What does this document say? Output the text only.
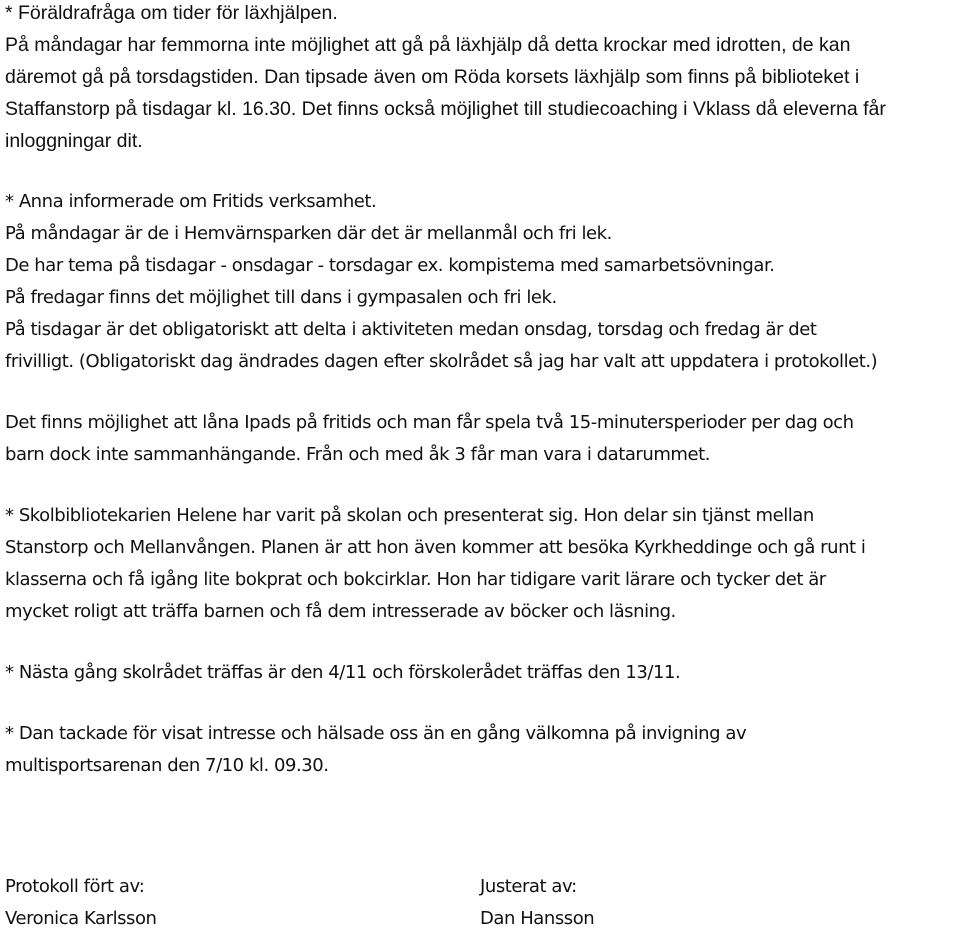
* Föräldrafråga om tider för läxhjälpen.
På måndagar har femmorna inte möjlighet att gå på läxhjälp då detta krockar med idrotten, de kan
däremot gå på torsdagstiden. Dan tipsade även om Röda korsets läxhjälp som finns på biblioteket i
Staffanstorp på tisdagar kl. 16.30. Det finns också möjlighet till studiecoaching i Vklass då eleverna får
inloggningar dit.
* Anna informerade om Fritids verksamhet.
På måndagar är de i Hemvärnsparken där det är mellanmål och fri lek.
De har tema på tisdagar - onsdagar - torsdagar ex. kompistema med samarbetsövningar.
På fredagar finns det möjlighet till dans i gympasalen och fri lek.
På tisdagar är det obligatoriskt att delta i aktiviteten medan onsdag, torsdag och fredag är det
frivilligt. (Obligatoriskt dag ändrades dagen efter skolrådet så jag har valt att uppdatera i protokollet.)
Det finns möjlighet att låna Ipads på fritids och man får spela två 15-minutersperioder per dag och
barn dock inte sammanhängande. Från och med åk 3 får man vara i datarummet.
* Skolbibliotekarien Helene har varit på skolan och presenterat sig. Hon delar sin tjänst mellan
Stanstorp och Mellanvången. Planen är att hon även kommer att besöka Kyrkheddinge och gå runt i
klasserna och få igång lite bokprat och bokcirklar. Hon har tidigare varit lärare och tycker det är
mycket roligt att träffa barnen och få dem intresserade av böcker och läsning.
* Nästa gång skolrådet träffas är den 4/11 och förskolerådet träffas den 13/11.
* Dan tackade för visat intresse och hälsade oss än en gång välkomna på invigning av
multisportsarenan den 7/10 kl. 09.30.
Protokoll fört av:
Veronica Karlsson
Justerat av:
Dan Hansson
